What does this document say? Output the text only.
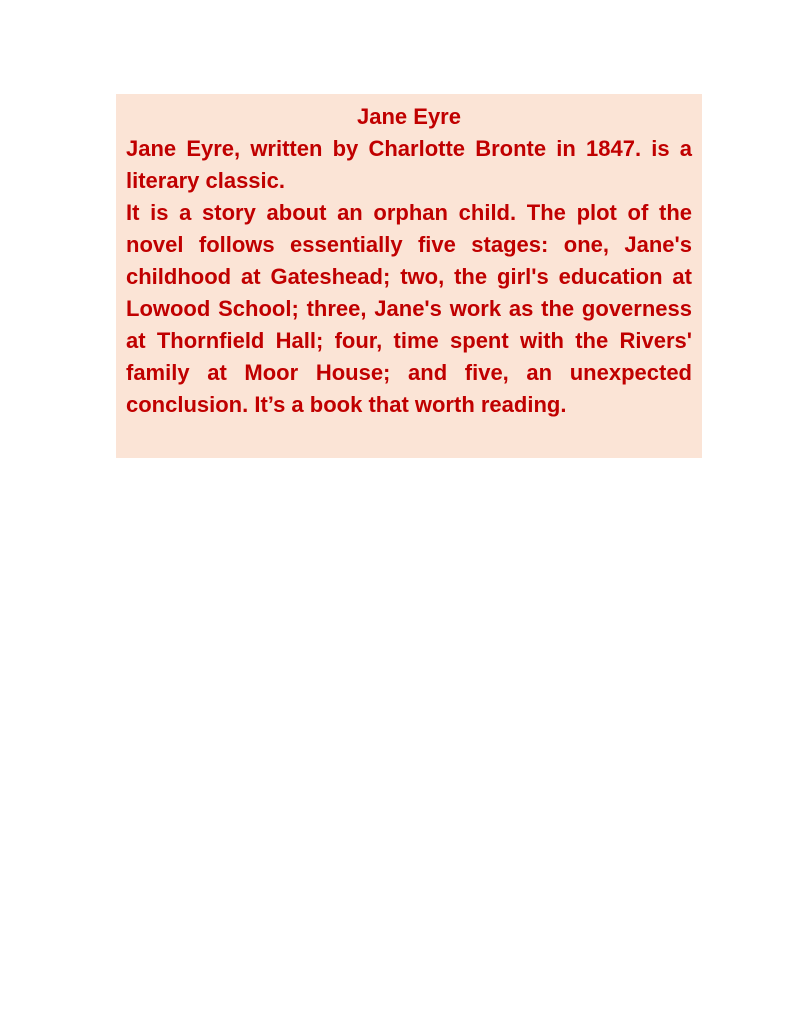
Jane Eyre

Jane Eyre, written by Charlotte Bronte in 1847. is a literary classic.

It is a story about an orphan child. The plot of the novel follows essentially five stages: one, Jane's childhood at Gateshead; two, the girl's education at Lowood School; three, Jane's work as the governess at Thornfield Hall; four, time spent with the Rivers' family at Moor House; and five, an unexpected conclusion. It’s a book that worth reading.
